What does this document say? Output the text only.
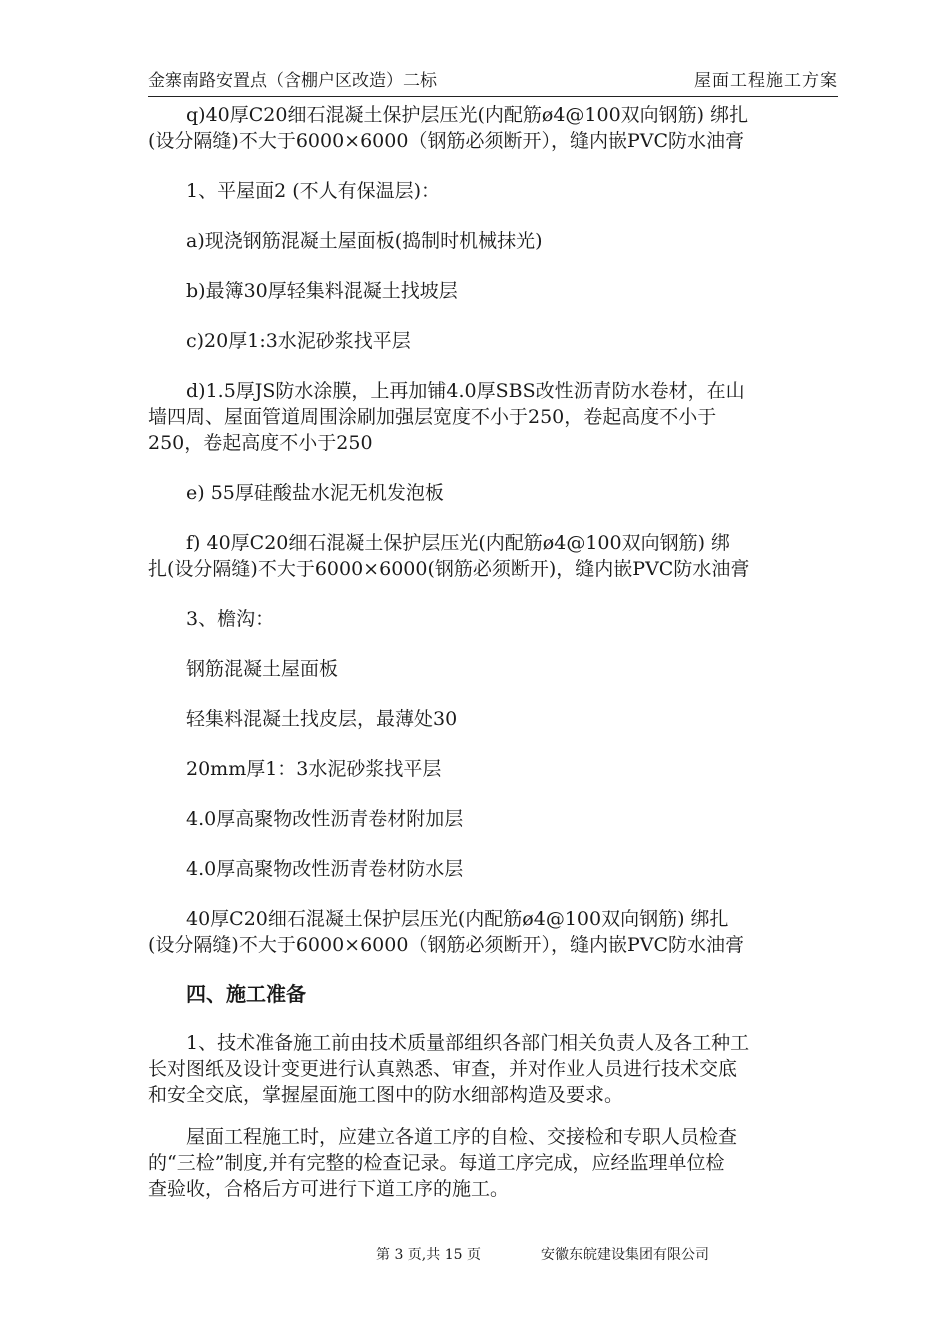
金寨南路安置点（含棚户区改造）二标	屋面工程施工方案

q)40厚C20细石混凝土保护层压光(内配筋ø4@100双向钢筋) 绑扎

(设分隔缝)不大于6000×6000（钢筋必须断开），缝内嵌PVC防水油膏

1、平屋面2 (不人有保温层)：

a)现浇钢筋混凝土屋面板(捣制时机械抹光)

b)最簿30厚轻集料混凝土找坡层

c)20厚1:3水泥砂浆找平层

d)1.5厚JS防水涂膜，上再加铺4.0厚SBS改性沥青防水卷材，在山

墙四周、屋面管道周围涂刷加强层宽度不小于250，卷起高度不小于

250，卷起高度不小于250

e) 55厚硅酸盐水泥无机发泡板

f) 40厚C20细石混凝土保护层压光(内配筋ø4@100双向钢筋) 绑

扎(设分隔缝)不大于6000×6000(钢筋必须断开)，缝内嵌PVC防水油膏

3、檐沟：

钢筋混凝土屋面板

轻集料混凝土找皮层，最薄处30

20mm厚1：3水泥砂浆找平层

4.0厚高聚物改性沥青卷材附加层

4.0厚高聚物改性沥青卷材防水层

40厚C20细石混凝土保护层压光(内配筋ø4@100双向钢筋) 绑扎

(设分隔缝)不大于6000×6000（钢筋必须断开），缝内嵌PVC防水油膏

四、施工准备

1、技术准备施工前由技术质量部组织各部门相关负责人及各工种工

长对图纸及设计变更进行认真熟悉、审查，并对作业人员进行技术交底

和安全交底，掌握屋面施工图中的防水细部构造及要求。

屋面工程施工时，应建立各道工序的自检、交接检和专职人员检查

的“三检”制度,并有完整的检查记录。每道工序完成，应经监理单位检

查验收，合格后方可进行下道工序的施工。

第 3 页,共 15 页	安徽东皖建设集团有限公司
